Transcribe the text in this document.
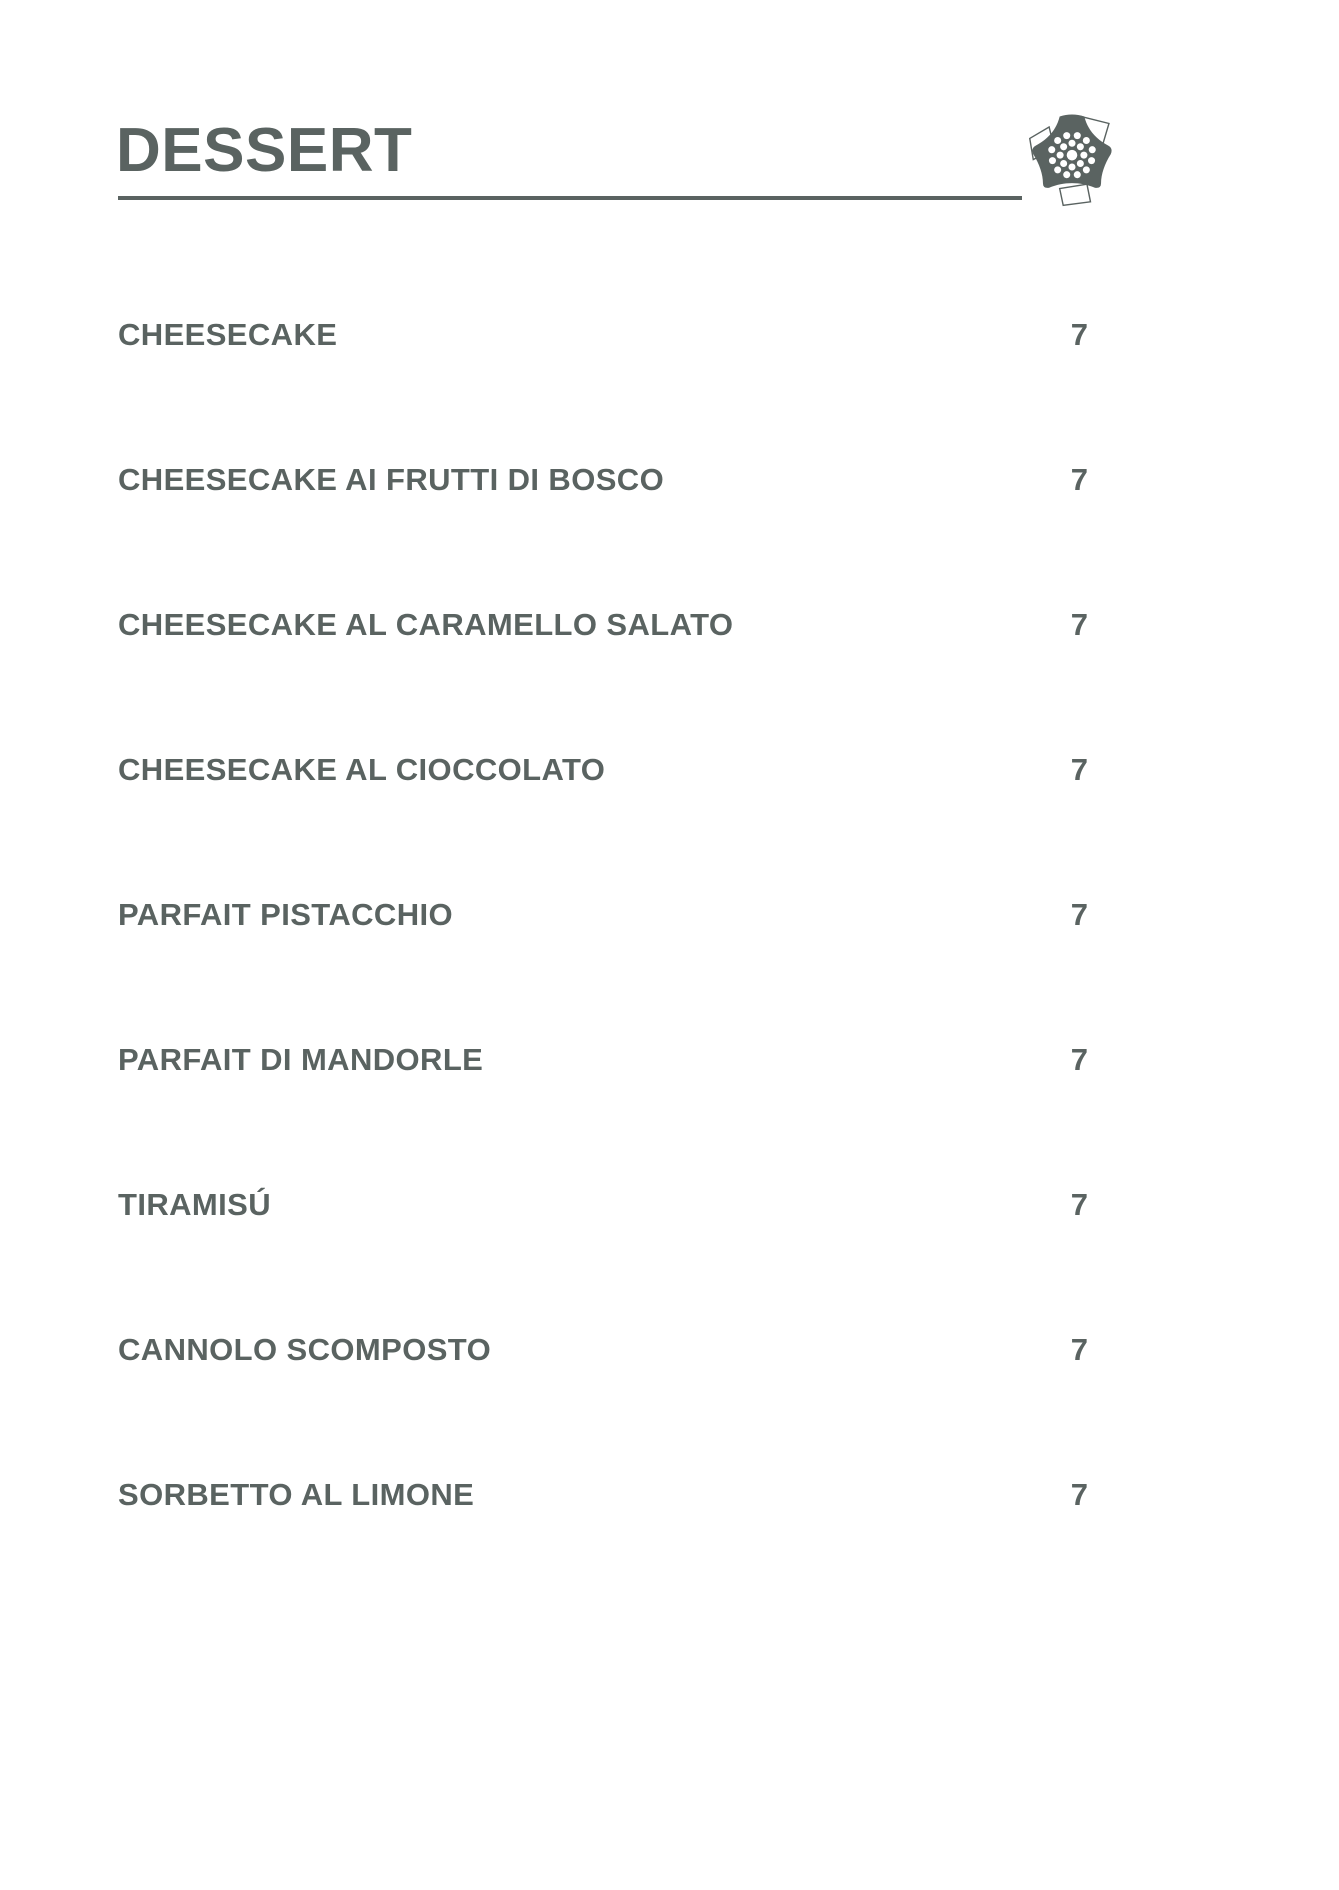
DESSERT
CHEESECAKE	7
CHEESECAKE AI FRUTTI DI BOSCO	7
CHEESECAKE AL CARAMELLO SALATO	7
CHEESECAKE AL CIOCCOLATO	7
PARFAIT PISTACCHIO	7
PARFAIT DI MANDORLE	7
TIRAMISÚ	7
CANNOLO SCOMPOSTO	7
SORBETTO AL LIMONE	7
